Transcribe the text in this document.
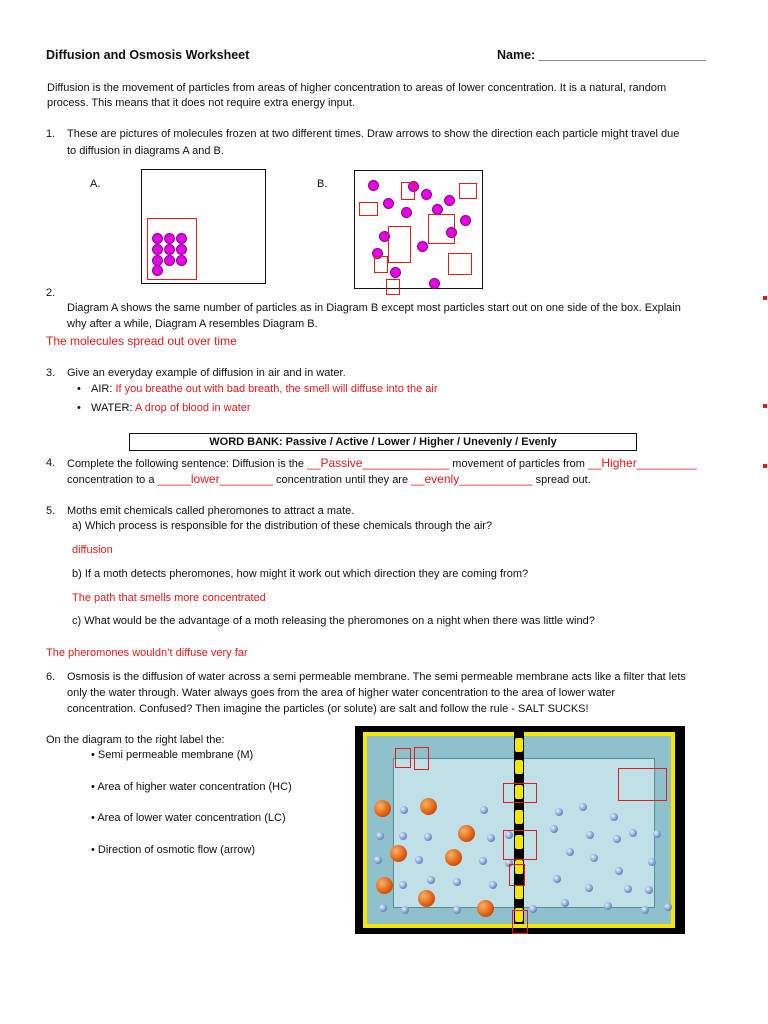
Diffusion and Osmosis Worksheet	Name: ________________________
Diffusion is the movement of particles from areas of higher concentration to areas of lower concentration. It is a natural, random
process. This means that it does not require extra energy input.
1. These are pictures of molecules frozen at two different times. Draw arrows to show the direction each particle might travel due
to diffusion in diagrams A and B.
A.	B.
2.
Diagram A shows the same number of particles as in Diagram B except most particles start out on one side of the box. Explain
why after a while, Diagram A resembles Diagram B.
The molecules spread out over time
3. Give an everyday example of diffusion in air and in water.
• AIR: If you breathe out with bad breath, the smell will diffuse into the air
• WATER: A drop of blood in water
WORD BANK: Passive / Active / Lower / Higher / Unevenly / Evenly
4. Complete the following sentence: Diffusion is the __Passive_____________ movement of particles from __Higher_________
concentration to a _____lower________ concentration until they are __evenly___________ spread out.
5. Moths emit chemicals called pheromones to attract a mate.
a) Which process is responsible for the distribution of these chemicals through the air?
diffusion
b) If a moth detects pheromones, how might it work out which direction they are coming from?
The path that smells more concentrated
c) What would be the advantage of a moth releasing the pheromones on a night when there was little wind?
The pheromones wouldn’t diffuse very far
6. Osmosis is the diffusion of water across a semi permeable membrane. The semi permeable membrane acts like a filter that lets
only the water through. Water always goes from the area of higher water concentration to the area of lower water
concentration. Confused? Then imagine the particles (or solute) are salt and follow the rule - SALT SUCKS!
On the diagram to the right label the:
• Semi permeable membrane (M)
• Area of higher water concentration (HC)
• Area of lower water concentration (LC)
• Direction of osmotic flow (arrow)
